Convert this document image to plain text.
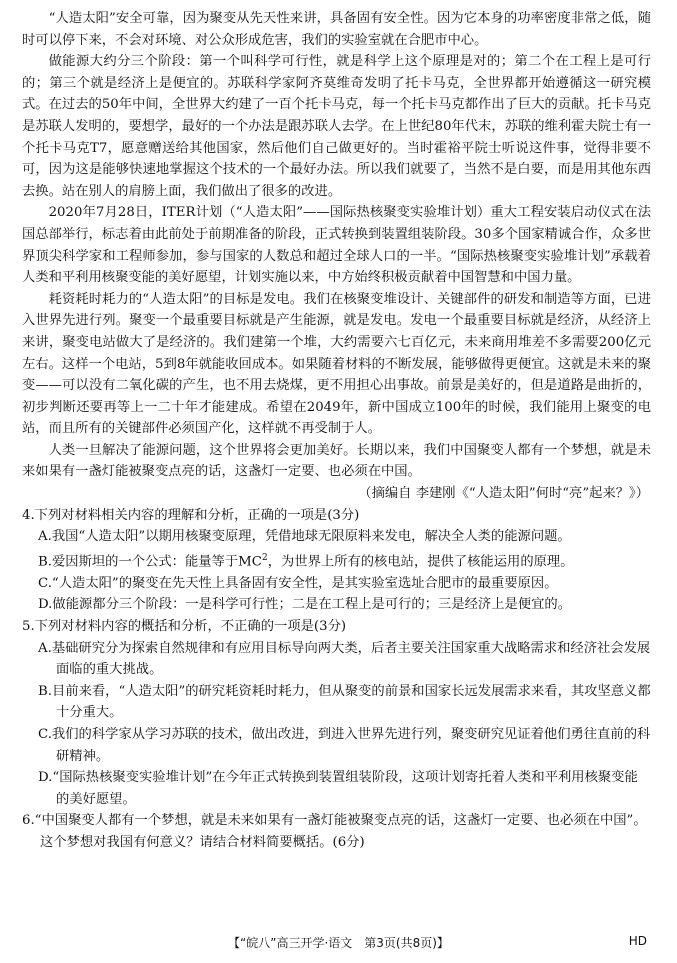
“人造太阳”安全可靠，因为聚变从先天性来讲，具备固有安全性。因为它本身的功率密度非常之低，随时可以停下来，不会对环境、对公众形成危害，我们的实验室就在合肥市中心。

做能源大约分三个阶段：第一个叫科学可行性，就是科学上这个原理是对的；第二个在工程上是可行的；第三个就是经济上是便宜的。苏联科学家阿齐莫维奇发明了托卡马克，全世界都开始遵循这一研究模式。在过去的50年中间，全世界大约建了一百个托卡马克，每一个托卡马克都作出了巨大的贡献。托卡马克是苏联人发明的，要想学，最好的一个办法是跟苏联人去学。在上世纪80年代末，苏联的维利霍夫院士有一个托卡马克T7，愿意赠送给其他国家，然后他们自己做更好的。当时霍裕平院士听说这件事，觉得非要不可，因为这是能够快速地掌握这个技术的一个最好办法。所以我们就要了，当然不是白要，而是用其他东西去换。站在别人的肩膀上面，我们做出了很多的改进。

2020年7月28日，ITER计划（“人造太阳”——国际热核聚变实验堆计划）重大工程安装启动仪式在法国总部举行，标志着由此前处于前期准备的阶段，正式转换到装置组装阶段。30多个国家精诚合作，众多世界顶尖科学家和工程师参加，参与国家的人数总和超过全球人口的一半。“国际热核聚变实验堆计划”承载着人类和平利用核聚变能的美好愿望，计划实施以来，中方始终积极贡献着中国智慧和中国力量。

耗资耗时耗力的“人造太阳”的目标是发电。我们在核聚变堆设计、关键部件的研发和制造等方面，已进入世界先进行列。聚变一个最重要目标就是产生能源，就是发电。发电一个最重要目标就是经济，从经济上来讲，聚变电站做大了是经济的。我们建第一个堆，大约需要六七百亿元，未来商用堆差不多需要200亿元左右。这样一个电站，5到8年就能收回成本。如果随着材料的不断发展，能够做得更便宜。这就是未来的聚变——可以没有二氧化碳的产生，也不用去烧煤，更不用担心出事故。前景是美好的，但是道路是曲折的，初步判断还要再等上一二十年才能建成。希望在2049年，新中国成立100年的时候，我们能用上聚变的电站，而且所有的关键部件必须国产化，这样就不再受制于人。

人类一旦解决了能源问题，这个世界将会更加美好。长期以来，我们中国聚变人都有一个梦想，就是未来如果有一盏灯能被聚变点亮的话，这盏灯一定要、也必须在中国。

（摘编自 李建刚《“人造太阳”何时“亮”起来？》）

4.下列对材料相关内容的理解和分析，正确的一项是(3分)

A.我国“人造太阳”以期用核聚变原理，凭借地球无限原料来发电，解决全人类的能源问题。

B.爱因斯坦的一个公式：能量等于$MC^2$，为世界上所有的核电站，提供了核能运用的原理。

C.“人造太阳”的聚变在先天性上具备固有安全性，是其实验室选址合肥市的最重要原因。

D.做能源都分三个阶段：一是科学可行性；二是在工程上是可行的；三是经济上是便宜的。

5.下列对材料内容的概括和分析，不正确的一项是(3分)

A.基础研究分为探索自然规律和有应用目标导向两大类，后者主要关注国家重大战略需求和经济社会发展面临的重大挑战。

B.目前来看，“人造太阳”的研究耗资耗时耗力，但从聚变的前景和国家长远发展需求来看，其攻坚意义都十分重大。

C.我们的科学家从学习苏联的技术，做出改进，到进入世界先进行列，聚变研究见证着他们勇往直前的科研精神。

D.“国际热核聚变实验堆计划”在今年正式转换到装置组装阶段，这项计划寄托着人类和平利用核聚变能的美好愿望。

6.“中国聚变人都有一个梦想，就是未来如果有一盏灯能被聚变点亮的话，这盏灯一定要、也必须在中国”。这个梦想对我国有何意义？请结合材料简要概括。(6分)

【“皖八”高三开学·语文　第3页(共8页)】	HD
